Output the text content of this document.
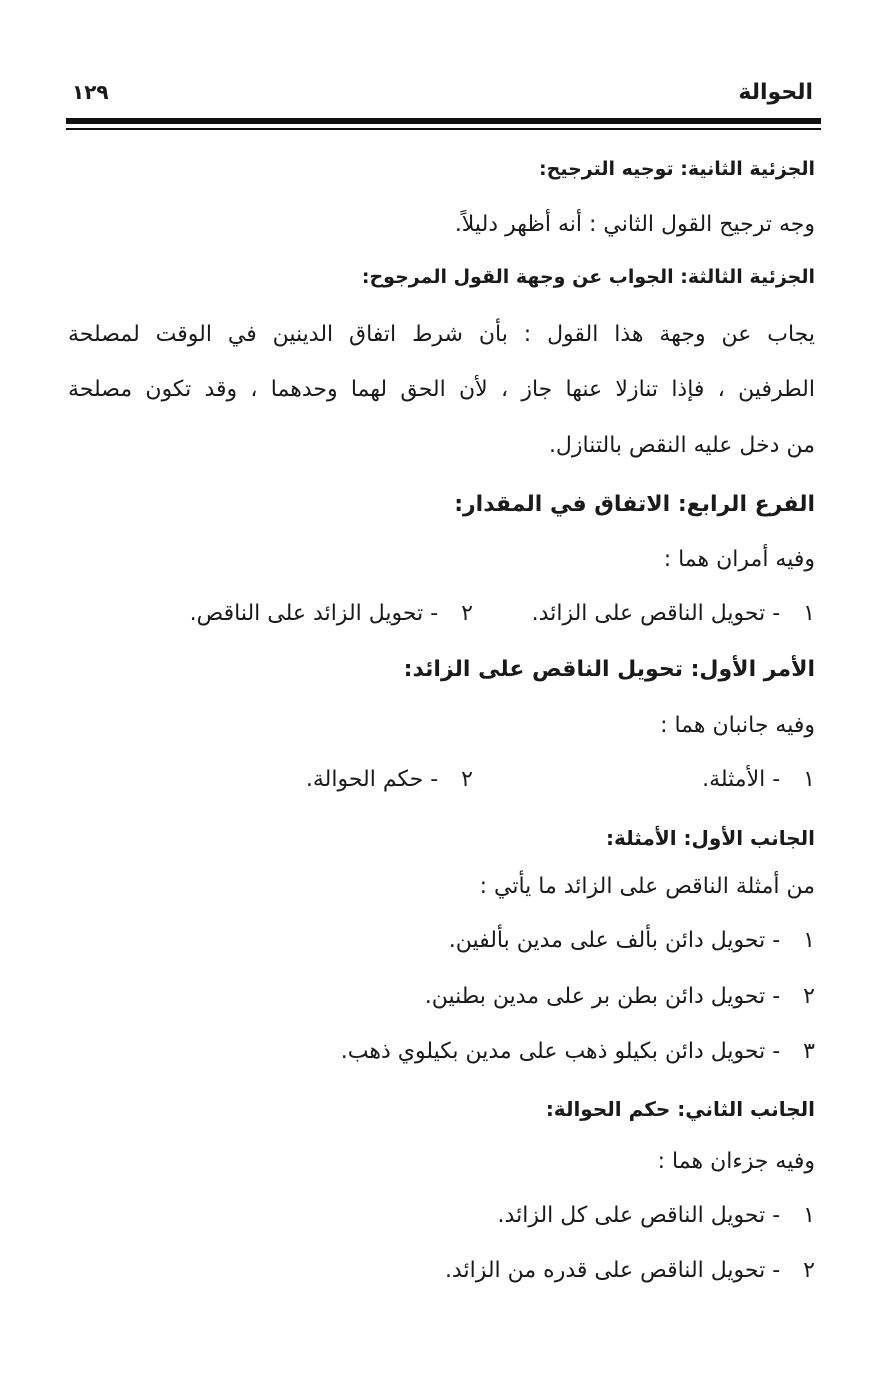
الحوالة
١٢٩
الجزئية الثانية: توجيه الترجيح:
وجه ترجيح القول الثاني : أنه أظهر دليلاً.
الجزئية الثالثة: الجواب عن وجهة القول المرجوح:
يجاب عن وجهة هذا القول : بأن شرط اتفاق الدينين في الوقت لمصلحة
الطرفين ، فإذا تنازلا عنها جاز ، لأن الحق لهما وحدهما ، وقد تكون مصلحة
من دخل عليه النقص بالتنازل.
الفرع الرابع: الاتفاق في المقدار:
وفيه أمران هما :
١ - تحويل الناقص على الزائد.
٢ - تحويل الزائد على الناقص.
الأمر الأول: تحويل الناقص على الزائد:
وفيه جانبان هما :
١ - الأمثلة.
٢ - حكم الحوالة.
الجانب الأول: الأمثلة:
من أمثلة الناقص على الزائد ما يأتي :
١ - تحويل دائن بألف على مدين بألفين.
٢ - تحويل دائن بطن بر على مدين بطنين.
٣ - تحويل دائن بكيلو ذهب على مدين بكيلوي ذهب.
الجانب الثاني: حكم الحوالة:
وفيه جزءان هما :
١ - تحويل الناقص على كل الزائد.
٢ - تحويل الناقص على قدره من الزائد.
